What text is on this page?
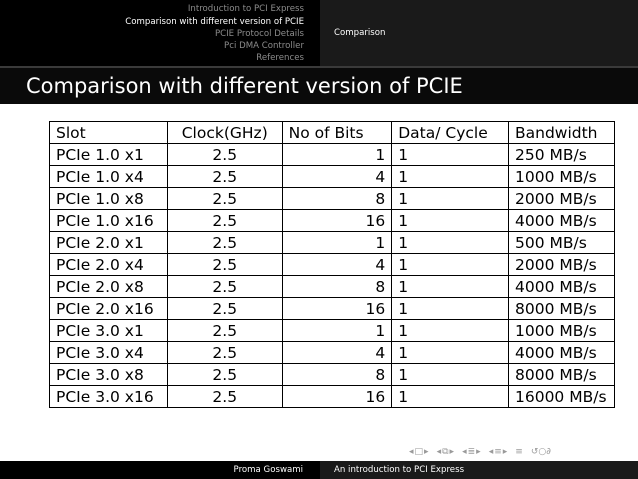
Introduction to PCI Express
Comparison with different version of PCIE
PCIE Protocol Details
Pci DMA Controller
References
Comparison
Comparison with different version of PCIE
Slot	Clock(GHz)	No of Bits	Data/ Cycle	Bandwidth
PCIe 1.0 x1	2.5	1	1	250 MB/s
PCIe 1.0 x4	2.5	4	1	1000 MB/s
PCIe 1.0 x8	2.5	8	1	2000 MB/s
PCIe 1.0 x16	2.5	16	1	4000 MB/s
PCIe 2.0 x1	2.5	1	1	500 MB/s
PCIe 2.0 x4	2.5	4	1	2000 MB/s
PCIe 2.0 x8	2.5	8	1	4000 MB/s
PCIe 2.0 x16	2.5	16	1	8000 MB/s
PCIe 3.0 x1	2.5	1	1	1000 MB/s
PCIe 3.0 x4	2.5	4	1	4000 MB/s
PCIe 3.0 x8	2.5	8	1	8000 MB/s
PCIe 3.0 x16	2.5	16	1	16000 MB/s
◂ □ ▸ ◂ ⧉ ▸ ◂ ≣ ▸ ◂ ≡ ▸ ≡ ↺○∂
Proma Goswami	An introduction to PCI Express
